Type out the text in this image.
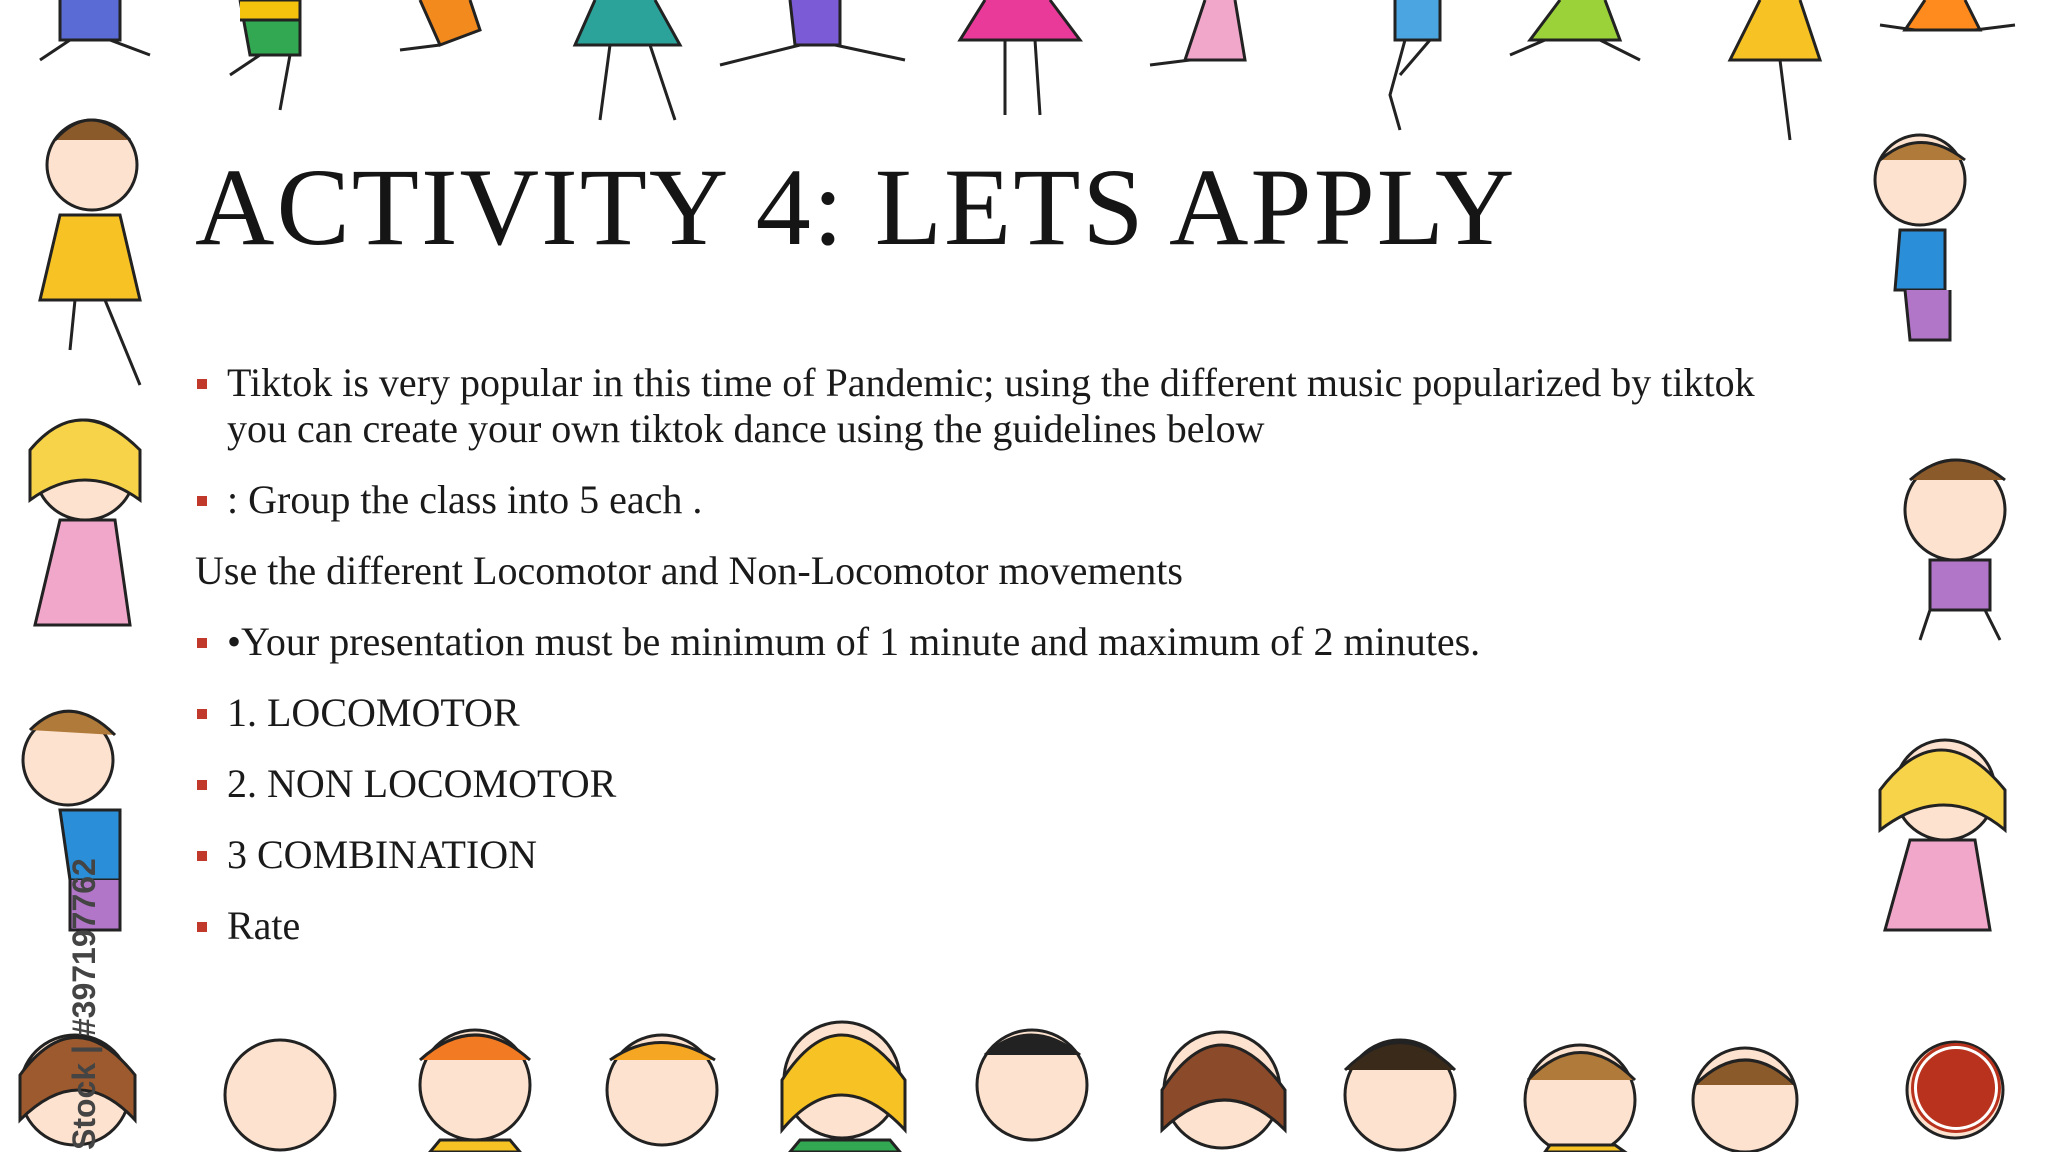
ACTIVITY 4: LETS APPLY
Tiktok is very popular in this time of Pandemic; using the different music popularized by tiktok you can create your own tiktok dance using the guidelines below
: Group the class into 5 each .
Use the different Locomotor and Non-Locomotor movements
•Your presentation must be minimum of 1 minute and maximum of 2 minutes.
1. LOCOMOTOR
2. NON LOCOMOTOR
3 COMBINATION
Rate
Stock | #397197762
